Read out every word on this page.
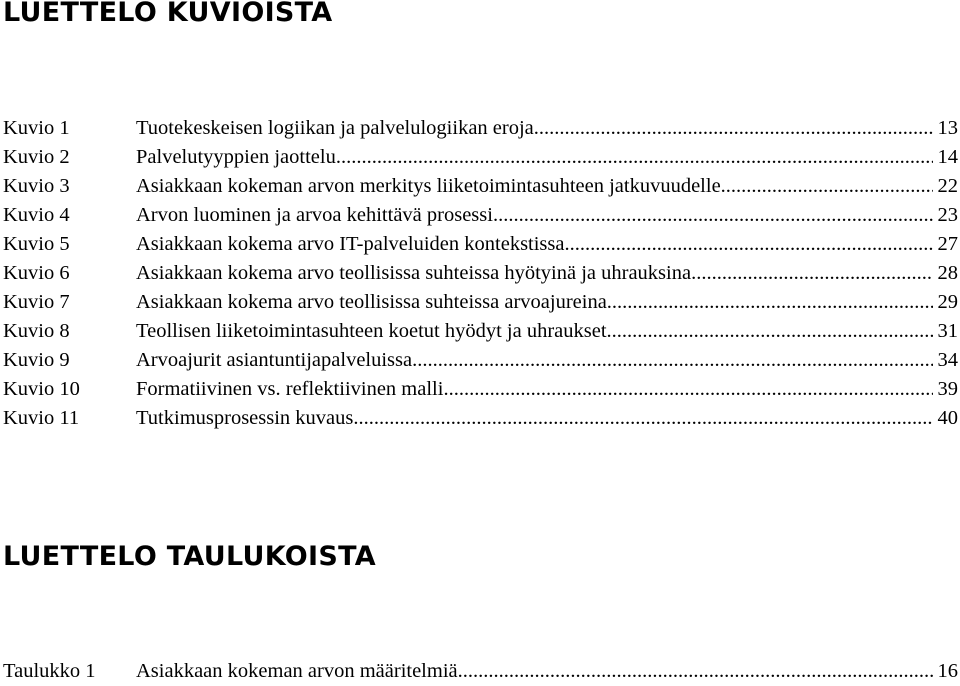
LUETTELO KUVIOISTA
Kuvio 1	Tuotekeskeisen logiikan ja palvelulogiikan eroja .....	13
Kuvio 2	Palvelutyyppien jaottelu .....	14
Kuvio 3	Asiakkaan kokeman arvon merkitys liiketoimintasuhteen jatkuvuudelle .....	22
Kuvio 4	Arvon luominen ja arvoa kehittävä prosessi .....	23
Kuvio 5	Asiakkaan kokema arvo IT-palveluiden kontekstissa .....	27
Kuvio 6	Asiakkaan kokema arvo teollisissa suhteissa hyötyinä ja uhrauksina .....	28
Kuvio 7	Asiakkaan kokema arvo teollisissa suhteissa arvoajureina .....	29
Kuvio 8	Teollisen liiketoimintasuhteen koetut hyödyt ja uhraukset .....	31
Kuvio 9	Arvoajurit asiantuntijapalveluissa .....	34
Kuvio 10	Formatiivinen vs. reflektiivinen malli .....	39
Kuvio 11	Tutkimusprosessin kuvaus .....	40
LUETTELO TAULUKOISTA
Taulukko 1 Asiakkaan kokeman arvon määritelmiä .....	16
